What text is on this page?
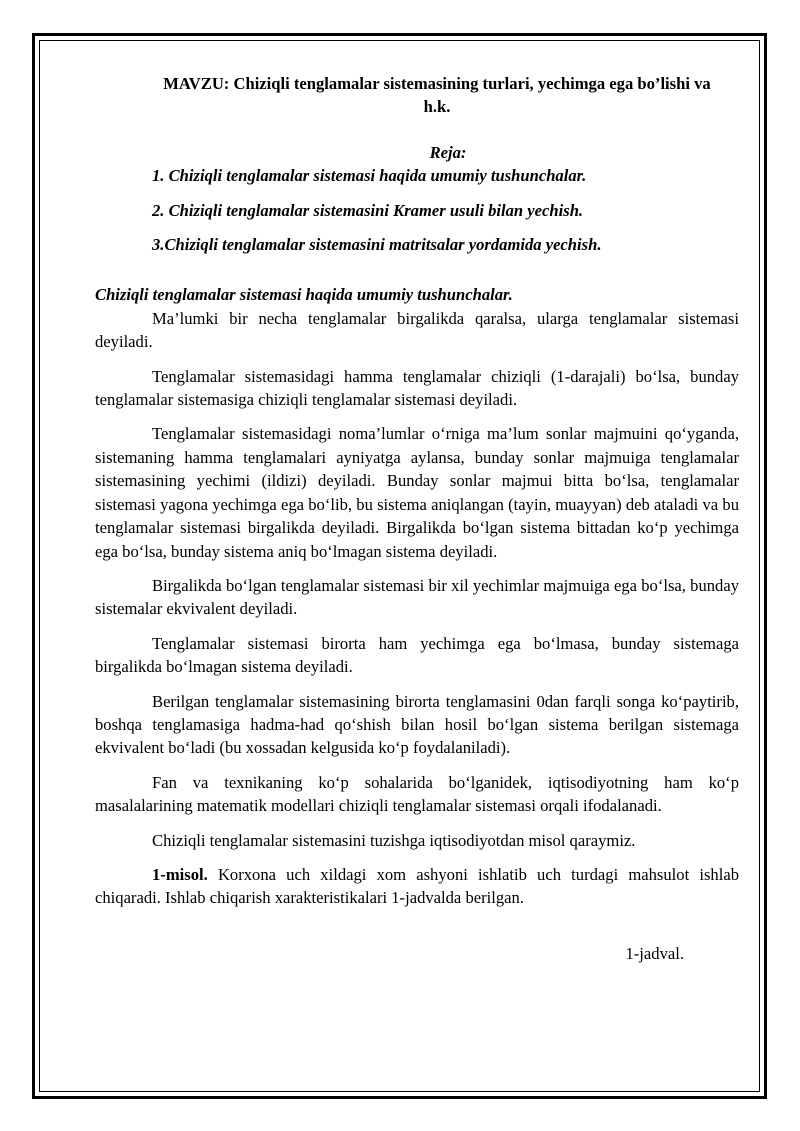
MAVZU: Chiziqli tenglamalar sistemasining turlari, yechimga ega bo’lishi va h.k.

Reja:

1. Chiziqli tenglamalar sistemasi haqida umumiy tushunchalar.
2. Chiziqli tenglamalar sistemasini Kramer usuli bilan yechish.
3.Chiziqli tenglamalar sistemasini matritsalar yordamida yechish.

Chiziqli tenglamalar sistemasi haqida umumiy tushunchalar.

Ma’lumki bir necha tenglamalar birgalikda qaralsa, ularga tenglamalar sistemasi deyiladi.

Tenglamalar sistemasidagi hamma tenglamalar chiziqli (1-darajali) bo‘lsa, bunday tenglamalar sistemasiga chiziqli tenglamalar sistemasi deyiladi.

Tenglamalar sistemasidagi noma’lumlar o‘rniga ma’lum sonlar majmuini qo‘yganda, sistemaning hamma tenglamalari ayniyatga aylansa, bunday sonlar majmuiga tenglamalar sistemasining yechimi (ildizi) deyiladi. Bunday sonlar majmui bitta bo‘lsa, tenglamalar sistemasi yagona yechimga ega bo‘lib, bu sistema aniqlangan (tayin, muayyan) deb ataladi va bu tenglamalar sistemasi birgalikda deyiladi. Birgalikda bo‘lgan sistema bittadan ko‘p yechimga ega bo‘lsa, bunday sistema aniq bo‘lmagan sistema deyiladi.

Birgalikda bo‘lgan tenglamalar sistemasi bir xil yechimlar majmuiga ega bo‘lsa, bunday sistemalar ekvivalent deyiladi.

Tenglamalar sistemasi birorta ham yechimga ega bo‘lmasa, bunday sistemaga birgalikda bo‘lmagan sistema deyiladi.

Berilgan tenglamalar sistemasining birorta tenglamasini 0dan farqli songa ko‘paytirib, boshqa tenglamasiga hadma-had qo‘shish bilan hosil bo‘lgan sistema berilgan sistemaga ekvivalent bo‘ladi (bu xossadan kelgusida ko‘p foydalaniladi).

Fan va texnikaning ko‘p sohalarida bo‘lganidek, iqtisodiyotning ham ko‘p masalalarining matematik modellari chiziqli tenglamalar sistemasi orqali ifodalanadi.

Chiziqli tenglamalar sistemasini tuzishga iqtisodiyotdan misol qaraymiz.

1-misol. Korxona uch xildagi xom ashyoni ishlatib uch turdagi mahsulot ishlab chiqaradi. Ishlab chiqarish xarakteristikalari 1-jadvalda berilgan.

1-jadval.
